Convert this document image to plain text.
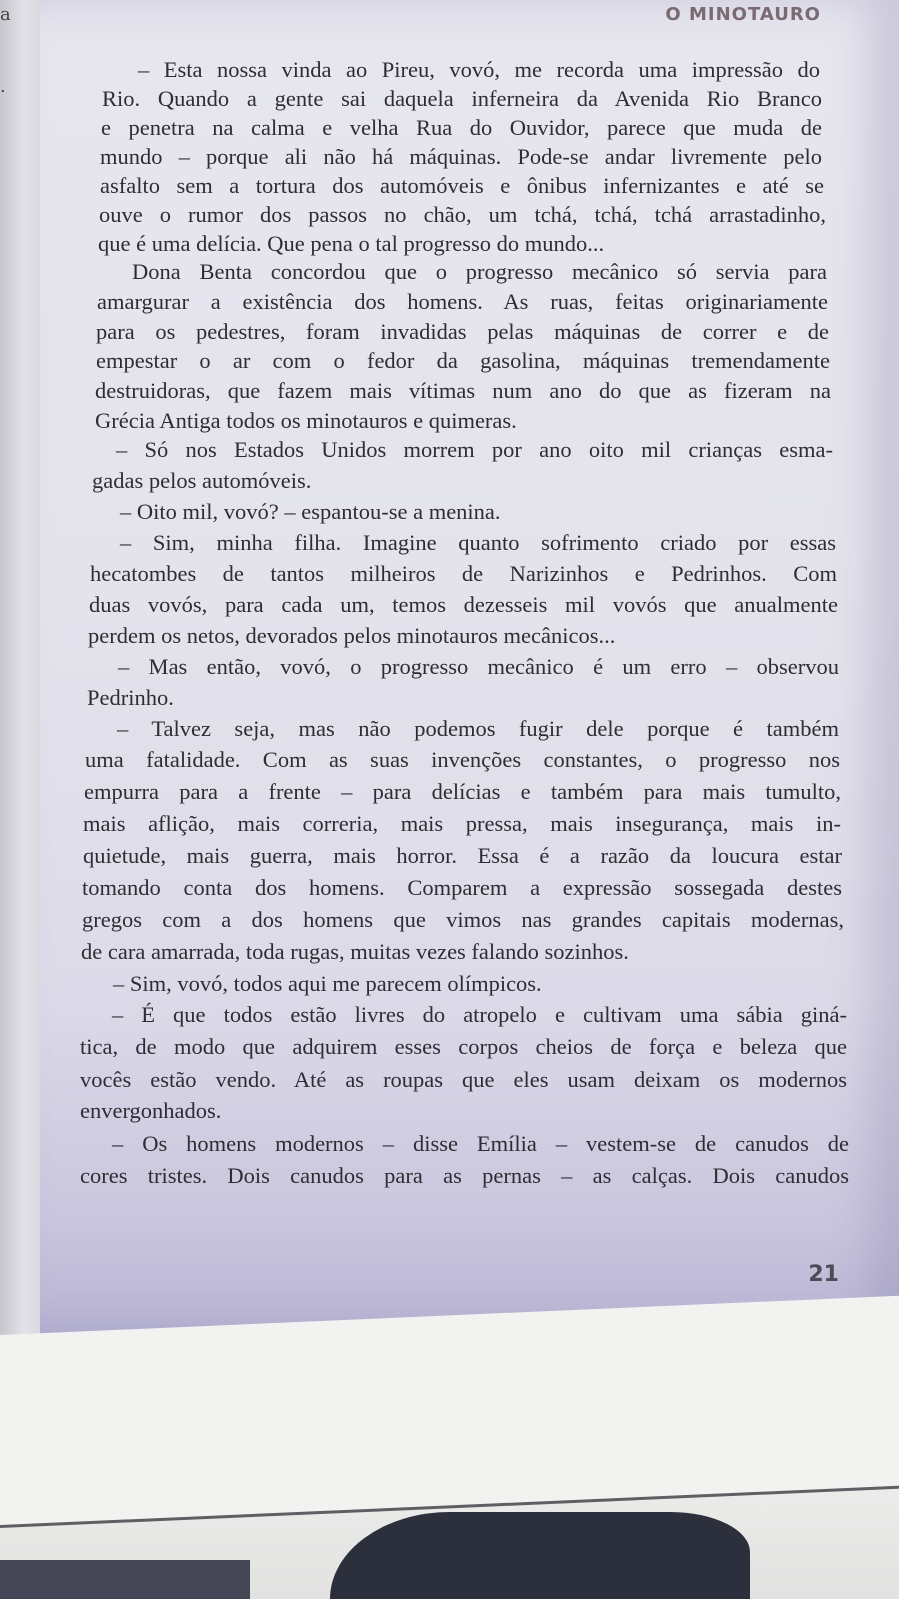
a
.
O MINOTAURO

– Esta nossa vinda ao Pireu, vovó, me recorda uma impressão do

Rio. Quando a gente sai daquela inferneira da Avenida Rio Branco

e penetra na calma e velha Rua do Ouvidor, parece que muda de

mundo – porque ali não há máquinas. Pode-se andar livremente pelo

asfalto sem a tortura dos automóveis e ônibus infernizantes e até se

ouve o rumor dos passos no chão, um tchá, tchá, tchá arrastadinho,

que é uma delícia. Que pena o tal progresso do mundo...

Dona Benta concordou que o progresso mecânico só servia para

amargurar a existência dos homens. As ruas, feitas originariamente

para os pedestres, foram invadidas pelas máquinas de correr e de

empestar o ar com o fedor da gasolina, máquinas tremendamente

destruidoras, que fazem mais vítimas num ano do que as fizeram na

Grécia Antiga todos os minotauros e quimeras.

– Só nos Estados Unidos morrem por ano oito mil crianças esma-

gadas pelos automóveis.

– Oito mil, vovó? – espantou-se a menina.

– Sim, minha filha. Imagine quanto sofrimento criado por essas

hecatombes de tantos milheiros de Narizinhos e Pedrinhos. Com

duas vovós, para cada um, temos dezesseis mil vovós que anualmente

perdem os netos, devorados pelos minotauros mecânicos...

– Mas então, vovó, o progresso mecânico é um erro – observou

Pedrinho.

– Talvez seja, mas não podemos fugir dele porque é também

uma fatalidade. Com as suas invenções constantes, o progresso nos

empurra para a frente – para delícias e também para mais tumulto,

mais aflição, mais correria, mais pressa, mais insegurança, mais in-

quietude, mais guerra, mais horror. Essa é a razão da loucura estar

tomando conta dos homens. Comparem a expressão sossegada destes

gregos com a dos homens que vimos nas grandes capitais modernas,

de cara amarrada, toda rugas, muitas vezes falando sozinhos.

– Sim, vovó, todos aqui me parecem olímpicos.

– É que todos estão livres do atropelo e cultivam uma sábia giná-

tica, de modo que adquirem esses corpos cheios de força e beleza que

vocês estão vendo. Até as roupas que eles usam deixam os modernos

envergonhados.

– Os homens modernos – disse Emília – vestem-se de canudos de

cores tristes. Dois canudos para as pernas – as calças. Dois canudos

21
